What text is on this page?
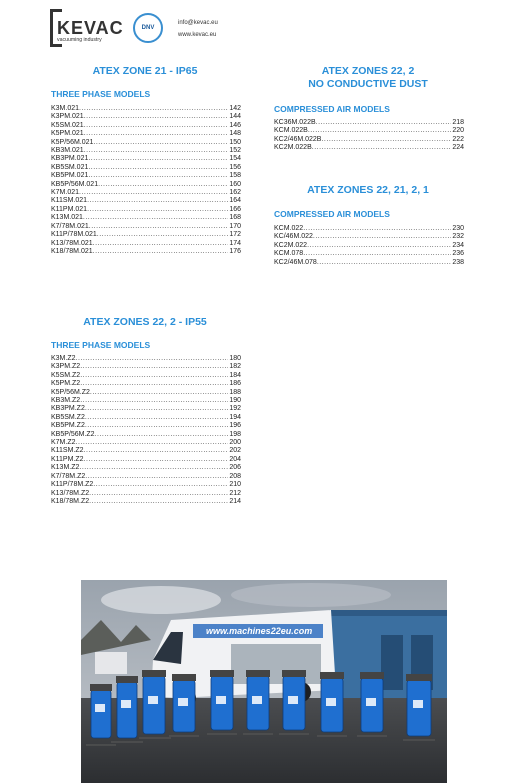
KEVAC
vacuuming industry
DNV
info@kevac.eu
www.kevac.eu
ATEX ZONE 21 - IP65
THREE PHASE MODELS
K3M.021 .....	142
K3PM.021 .....	144
K5SM.021 .....	146
K5PM.021 .....	148
K5P/56M.021 .....	150
KB3M.021 .....	152
KB3PM.021 .....	154
KB5SM.021 .....	156
KB5PM.021 .....	158
KB5P/56M.021 .....	160
K7M.021 .....	162
K11SM.021 .....	164
K11PM.021 .....	166
K13M.021 .....	168
K7/78M.021 .....	170
K11P/78M.021 .....	172
K13/78M.021 .....	174
K18/78M.021 .....	176
ATEX ZONES 22, 2 - IP55
THREE PHASE MODELS
K3M.Z2 .....	180
K3PM.Z2 .....	182
K5SM.Z2 .....	184
K5PM.Z2 .....	186
K5P/56M.Z2 .....	188
KB3M.Z2 .....	190
KB3PM.Z2 .....	192
KB5SM.Z2 .....	194
KB5PM.Z2 .....	196
KB5P/56M.Z2 .....	198
K7M.Z2 .....	200
K11SM.Z2 .....	202
K11PM.Z2 .....	204
K13M.Z2 .....	206
K7/78M.Z2 .....	208
K11P/78M.Z2 .....	210
K13/78M.Z2 .....	212
K18/78M.Z2 .....	214
ATEX ZONES 22, 2
NO CONDUCTIVE DUST
COMPRESSED AIR MODELS
KC36M.022B .....	218
KCM.022B .....	220
KC2/46M.022B .....	222
KC2M.022B .....	224
ATEX ZONES 22, 21, 2, 1
COMPRESSED AIR MODELS
KCM.022 .....	230
KC/46M.022 .....	232
KC2M.022 .....	234
KCM.078 .....	236
KC2/46M.078 .....	238
www.machines22eu.com
